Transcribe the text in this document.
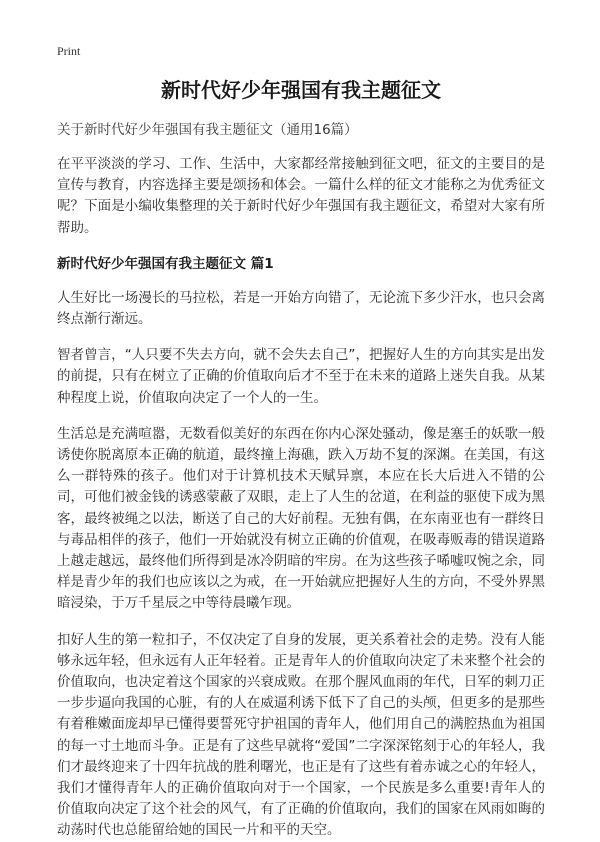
Print
新时代好少年强国有我主题征文
关于新时代好少年强国有我主题征文（通用16篇）
在平平淡淡的学习、工作、生活中，大家都经常接触到征文吧，征文的主要目的是宣传与教育，内容选择主要是颂扬和体会。一篇什么样的征文才能称之为优秀征文呢？下面是小编收集整理的关于新时代好少年强国有我主题征文，希望对大家有所帮助。
新时代好少年强国有我主题征文 篇1
人生好比一场漫长的马拉松，若是一开始方向错了，无论流下多少汗水，也只会离终点渐行渐远。
智者曾言，“人只要不失去方向，就不会失去自己”，把握好人生的方向其实是出发的前提，只有在树立了正确的价值取向后才不至于在未来的道路上迷失自我。从某种程度上说，价值取向决定了一个人的一生。
生活总是充满喧嚣，无数看似美好的东西在你内心深处骚动，像是塞壬的妖歌一般诱使你脱离原本正确的航道，最终撞上海礁，跌入万劫不复的深渊。在美国，有这么一群特殊的孩子。他们对于计算机技术天赋异禀，本应在长大后进入不错的公司，可他们被金钱的诱惑蒙蔽了双眼，走上了人生的岔道，在利益的驱使下成为黑客，最终被绳之以法，断送了自己的大好前程。无独有偶，在东南亚也有一群终日与毒品相伴的孩子，他们一开始就没有树立正确的价值观，在吸毒贩毒的错误道路上越走越远，最终他们所得到是冰冷阴暗的牢房。在为这些孩子唏嘘叹惋之余，同样是青少年的我们也应该以之为戒，在一开始就应把握好人生的方向，不受外界黑暗浸染，于万千星辰之中等待晨曦乍现。
扣好人生的第一粒扣子，不仅决定了自身的发展，更关系着社会的走势。没有人能够永远年轻，但永远有人正年轻着。正是青年人的价值取向决定了未来整个社会的价值取向，也决定着这个国家的兴衰成败。在那个腥风血雨的年代，日军的刺刀正一步步逼向我国的心脏，有的人在威逼利诱下低下了自己的头颅，但更多的是那些有着稚嫩面庞却早已懂得要誓死守护祖国的青年人，他们用自己的满腔热血为祖国的每一寸土地而斗争。正是有了这些早就将“爱国”二字深深铭刻于心的年轻人，我们才最终迎来了十四年抗战的胜利曙光，也正是有了这些有着赤诚之心的年轻人，我们才懂得青年人的正确价值取向对于一个国家，一个民族是多么重要!青年人的价值取向决定了这个社会的风气，有了正确的价值取向，我们的国家在风雨如晦的动荡时代也总能留给她的国民一片和平的天空。
